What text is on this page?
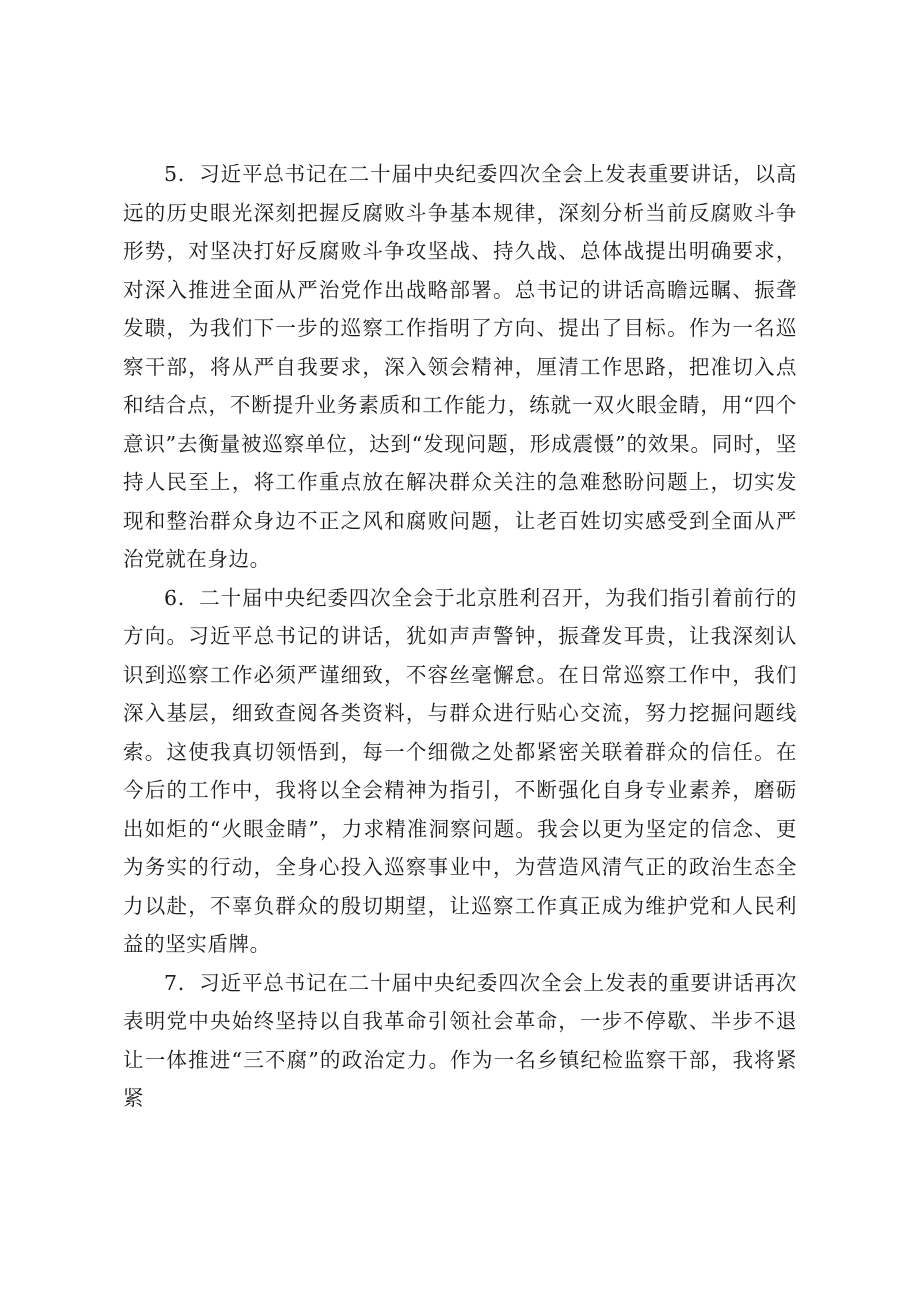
5．习近平总书记在二十届中央纪委四次全会上发表重要讲话，以高远的历史眼光深刻把握反腐败斗争基本规律，深刻分析当前反腐败斗争形势，对坚决打好反腐败斗争攻坚战、持久战、总体战提出明确要求，对深入推进全面从严治党作出战略部署。总书记的讲话高瞻远瞩、振聋发聩，为我们下一步的巡察工作指明了方向、提出了目标。作为一名巡察干部，将从严自我要求，深入领会精神，厘清工作思路，把准切入点和结合点，不断提升业务素质和工作能力，练就一双火眼金睛，用“四个意识”去衡量被巡察单位，达到“发现问题，形成震慑”的效果。同时，坚持人民至上，将工作重点放在解决群众关注的急难愁盼问题上，切实发现和整治群众身边不正之风和腐败问题，让老百姓切实感受到全面从严治党就在身边。

6．二十届中央纪委四次全会于北京胜利召开，为我们指引着前行的方向。习近平总书记的讲话，犹如声声警钟，振聋发耳贵，让我深刻认识到巡察工作必须严谨细致，不容丝毫懈怠。在日常巡察工作中，我们深入基层，细致查阅各类资料，与群众进行贴心交流，努力挖掘问题线索。这使我真切领悟到，每一个细微之处都紧密关联着群众的信任。在今后的工作中，我将以全会精神为指引，不断强化自身专业素养，磨砺出如炬的“火眼金睛”，力求精准洞察问题。我会以更为坚定的信念、更为务实的行动，全身心投入巡察事业中，为营造风清气正的政治生态全力以赴，不辜负群众的殷切期望，让巡察工作真正成为维护党和人民利益的坚实盾牌。

7．习近平总书记在二十届中央纪委四次全会上发表的重要讲话再次表明党中央始终坚持以自我革命引领社会革命，一步不停歇、半步不退让一体推进“三不腐”的政治定力。作为一名乡镇纪检监察干部，我将紧紧
